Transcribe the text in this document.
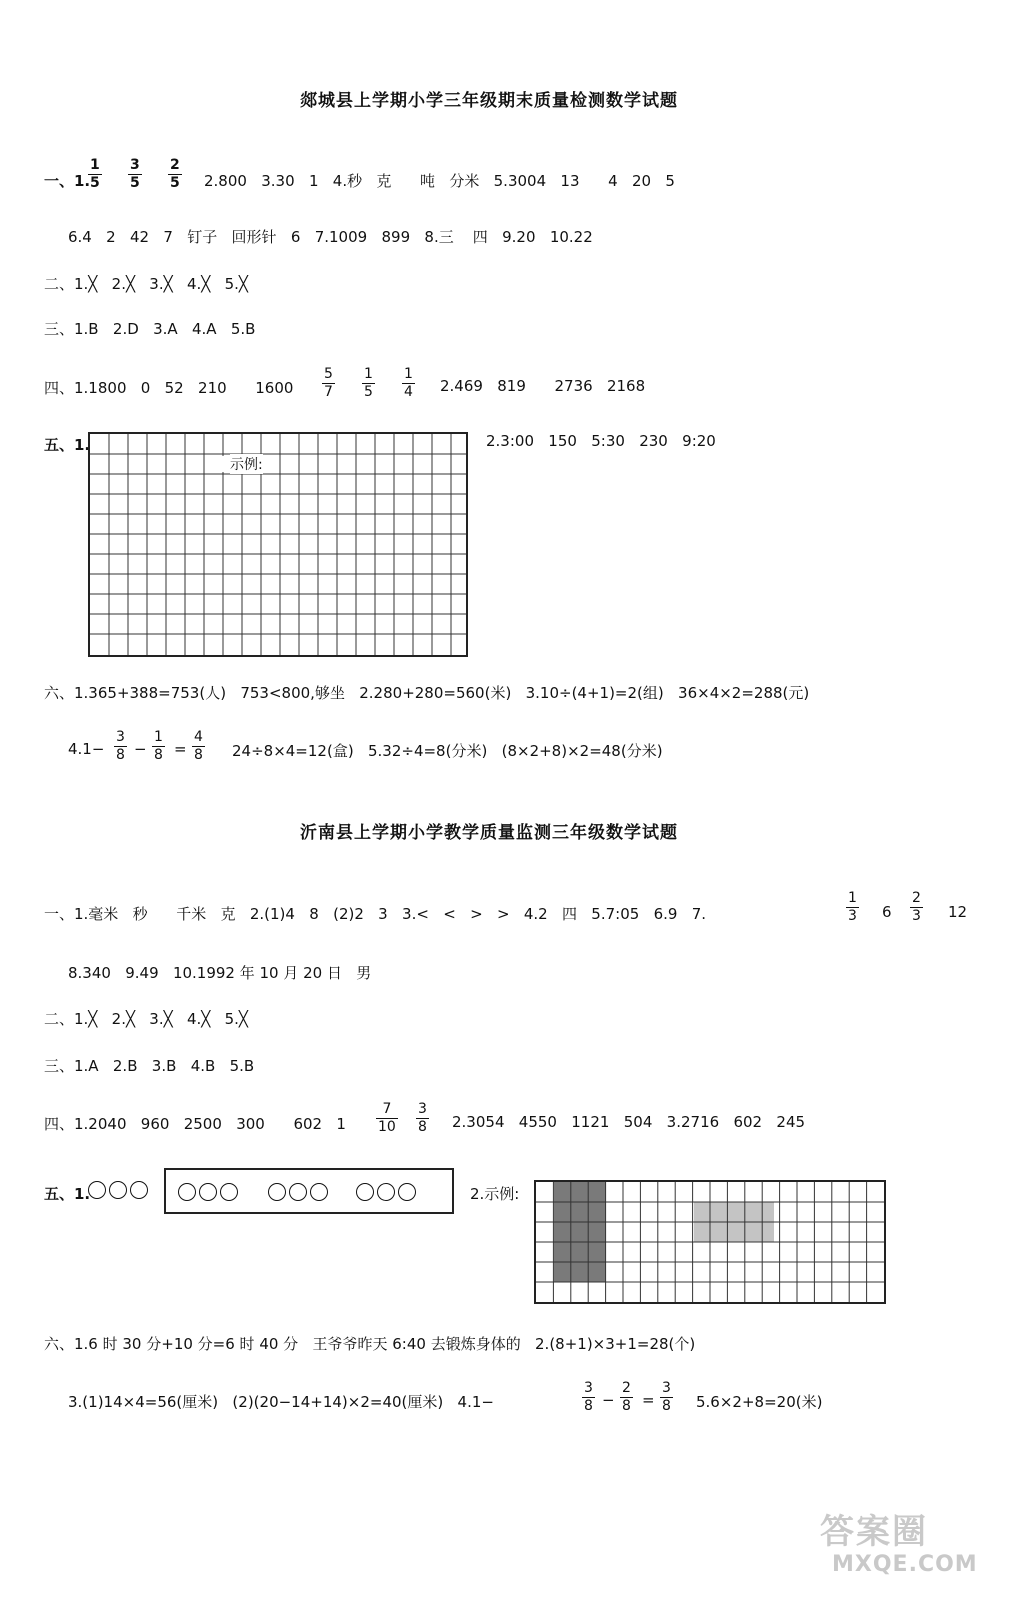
郯城县上学期小学三年级期末质量检测数学试题
一、1.
$\frac{1}{5} \frac{3}{5} \frac{2}{5} 2.800$   3.30   1   4.秒   克      吨   分米   5.3004   13      4   20   5
6.4   2   42   7   钉子   回形针   6   7.1009   899   8.三    四   9.20   10.22
二、1.╳   2.╳   3.╳   4.╳   5.╳
三、1.B   2.D   3.A   4.A   5.B
四、1.1800   0   52   210      $1600 \frac{5}{7} \frac{1}{5} \frac{1}{4} 2.469$   819      2736   2168
五、1.
示例:
2.3:00   150   5:30   230   9:20
六、1.365+388=753(人)   753<800,够坐   2.280+280=560(米)   3.10÷(4+1)=2(组)   36×4×2=288(元)
$4.1- \frac{3}{8} - \frac{1}{8} = \frac{4}{8} 24\div 8\times 4=12$(盒)   5.32÷4=8(分米)   (8×2+8)×2=48(分米)
沂南县上学期小学教学质量监测三年级数学试题
一、1.毫米   秒      千米   克   2.(1)4   8   (2)2   3   3.<   <   >   >   4.2   四   5.7:05   6.9   7.	$\frac{1}{3} 6 \frac{2}{3} 12$
8.340   9.49   10.1992 年 10 月 20 日   男
二、1.╳   2.╳   3.╳   4.╳   5.╳
三、1.A   2.B   3.B   4.B   5.B
四、1.2040   960   2500   300      602   $1 \frac{7}{10} \frac{3}{8} 2.3054$   4550   1121   504   3.2716   602   245
五、1.	2.示例:
六、1.6 时 30 分+10 分=6 时 40 分   王爷爷昨天 6:40 去锻炼身体的   2.(8+1)×3+1=28(个)
3.(1)14×4=56(厘米)   (2)(20−14+14)×2=40(厘米)   4.1−	$\frac{3}{8} - \frac{2}{8} = \frac{3}{8} 5.6\times 2+8=20$(米)
答案圈
MXQE.COM
